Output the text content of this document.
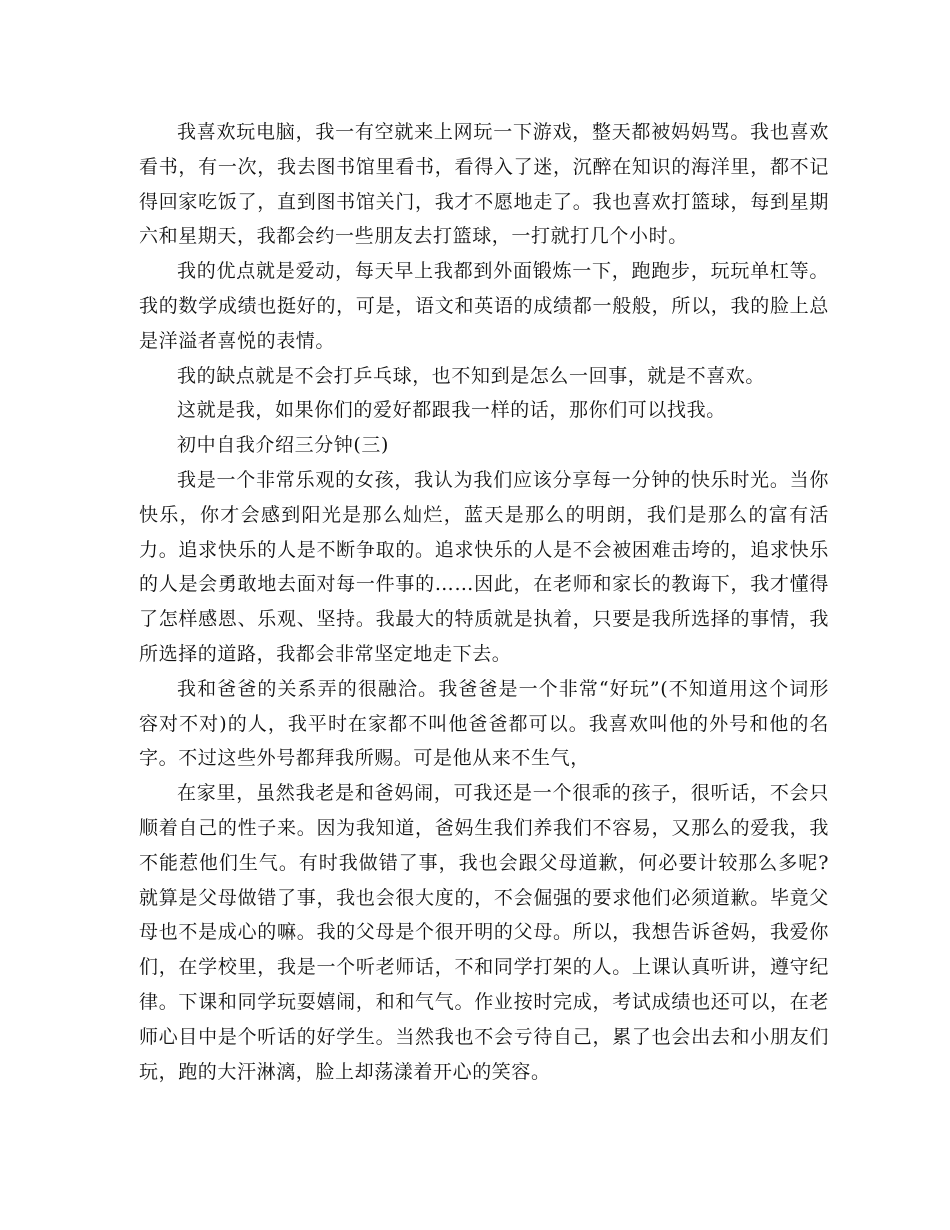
我喜欢玩电脑，我一有空就来上网玩一下游戏，整天都被妈妈骂。我也喜欢看书，有一次，我去图书馆里看书，看得入了迷，沉醉在知识的海洋里，都不记得回家吃饭了，直到图书馆关门，我才不愿地走了。我也喜欢打篮球，每到星期六和星期天，我都会约一些朋友去打篮球，一打就打几个小时。

我的优点就是爱动，每天早上我都到外面锻炼一下，跑跑步，玩玩单杠等。我的数学成绩也挺好的，可是，语文和英语的成绩都一般般，所以，我的脸上总是洋溢者喜悦的表情。

我的缺点就是不会打乒乓球，也不知到是怎么一回事，就是不喜欢。

这就是我，如果你们的爱好都跟我一样的话，那你们可以找我。

初中自我介绍三分钟(三)

我是一个非常乐观的女孩，我认为我们应该分享每一分钟的快乐时光。当你快乐，你才会感到阳光是那么灿烂，蓝天是那么的明朗，我们是那么的富有活力。追求快乐的人是不断争取的。追求快乐的人是不会被困难击垮的，追求快乐的人是会勇敢地去面对每一件事的……因此，在老师和家长的教诲下，我才懂得了怎样感恩、乐观、坚持。我最大的特质就是执着，只要是我所选择的事情，我所选择的道路，我都会非常坚定地走下去。

我和爸爸的关系弄的很融洽。我爸爸是一个非常“好玩”(不知道用这个词形容对不对)的人，我平时在家都不叫他爸爸都可以。我喜欢叫他的外号和他的名字。不过这些外号都拜我所赐。可是他从来不生气，

在家里，虽然我老是和爸妈闹，可我还是一个很乖的孩子，很听话，不会只顺着自己的性子来。因为我知道，爸妈生我们养我们不容易，又那么的爱我，我不能惹他们生气。有时我做错了事，我也会跟父母道歉，何必要计较那么多呢?就算是父母做错了事，我也会很大度的，不会倔强的要求他们必须道歉。毕竟父母也不是成心的嘛。我的父母是个很开明的父母。所以，我想告诉爸妈，我爱你们，在学校里，我是一个听老师话，不和同学打架的人。上课认真听讲，遵守纪律。下课和同学玩耍嬉闹，和和气气。作业按时完成，考试成绩也还可以，在老师心目中是个听话的好学生。当然我也不会亏待自己，累了也会出去和小朋友们玩，跑的大汗淋漓，脸上却荡漾着开心的笑容。
